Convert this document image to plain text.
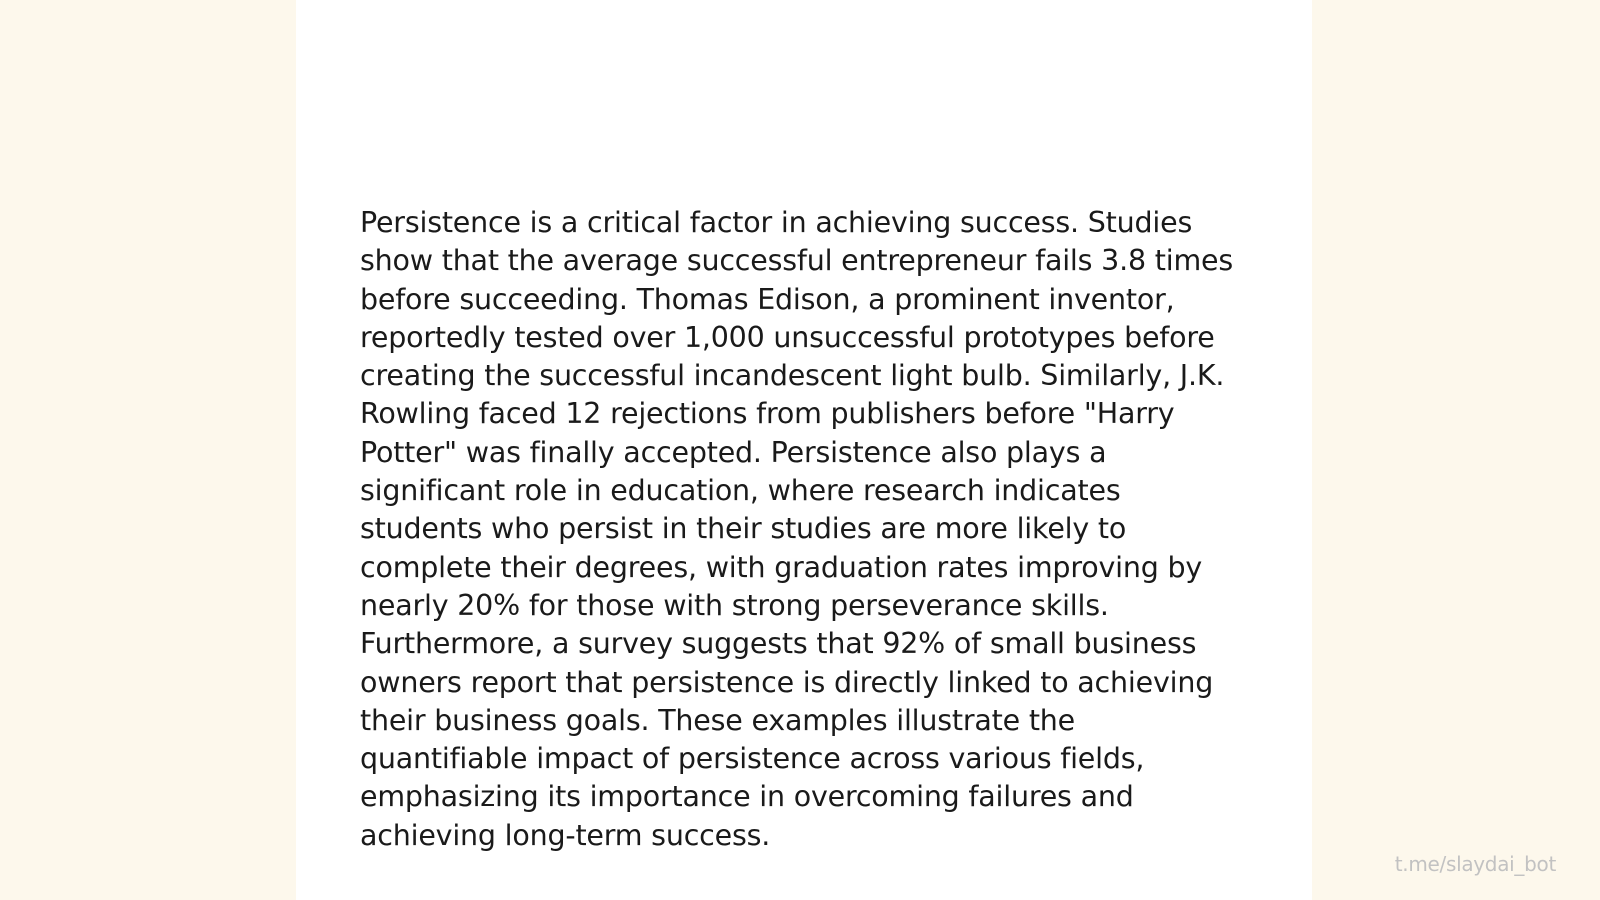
Persistence is a critical factor in achieving success. Studies show that the average successful entrepreneur fails 3.8 times before succeeding. Thomas Edison, a prominent inventor, reportedly tested over 1,000 unsuccessful prototypes before creating the successful incandescent light bulb. Similarly, J.K. Rowling faced 12 rejections from publishers before "Harry Potter" was finally accepted. Persistence also plays a significant role in education, where research indicates students who persist in their studies are more likely to complete their degrees, with graduation rates improving by nearly 20% for those with strong perseverance skills. Furthermore, a survey suggests that 92% of small business owners report that persistence is directly linked to achieving their business goals. These examples illustrate the quantifiable impact of persistence across various fields, emphasizing its importance in overcoming failures and achieving long-term success.

t.me/slaydai_bot
